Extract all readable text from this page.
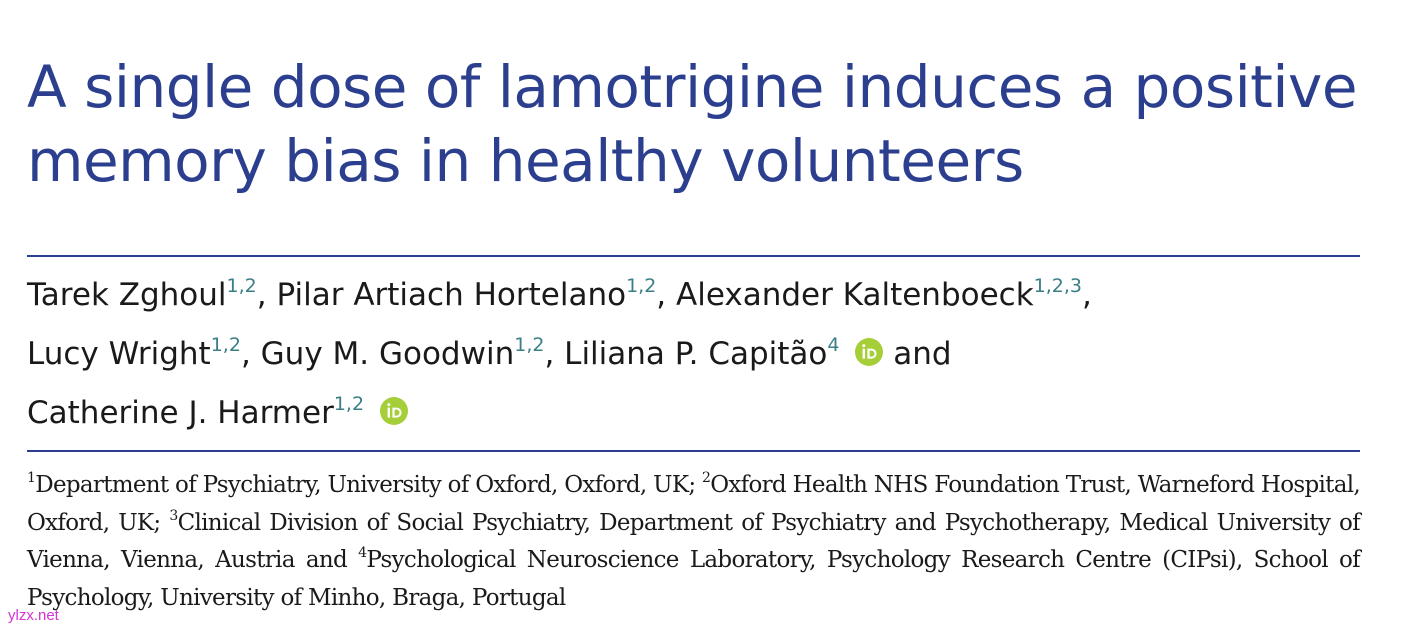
A single dose of lamotrigine induces a positive memory bias in healthy volunteers
Tarek Zghoul$^{1,2}$, Pilar Artiach Hortelano$^{1,2}$, Alexander Kaltenboeck$^{1,2,3}$,
Lucy Wright$^{1,2}$, Guy M. Goodwin$^{1,2}$, Liliana P. Capitão$^4$  and
Catherine J. Harmer$^{1,2}$

$^1$Department of Psychiatry, University of Oxford, Oxford, UK; $^2$Oxford Health NHS Foundation Trust, Warneford Hospital, Oxford, UK; $^3$Clinical Division of Social Psychiatry, Department of Psychiatry and Psychotherapy, Medical University of Vienna, Vienna, Austria and $^4$Psychological Neuroscience Laboratory, Psychology Research Centre (CIPsi), School of Psychology, University of Minho, Braga, Portugal

ylzx.net
